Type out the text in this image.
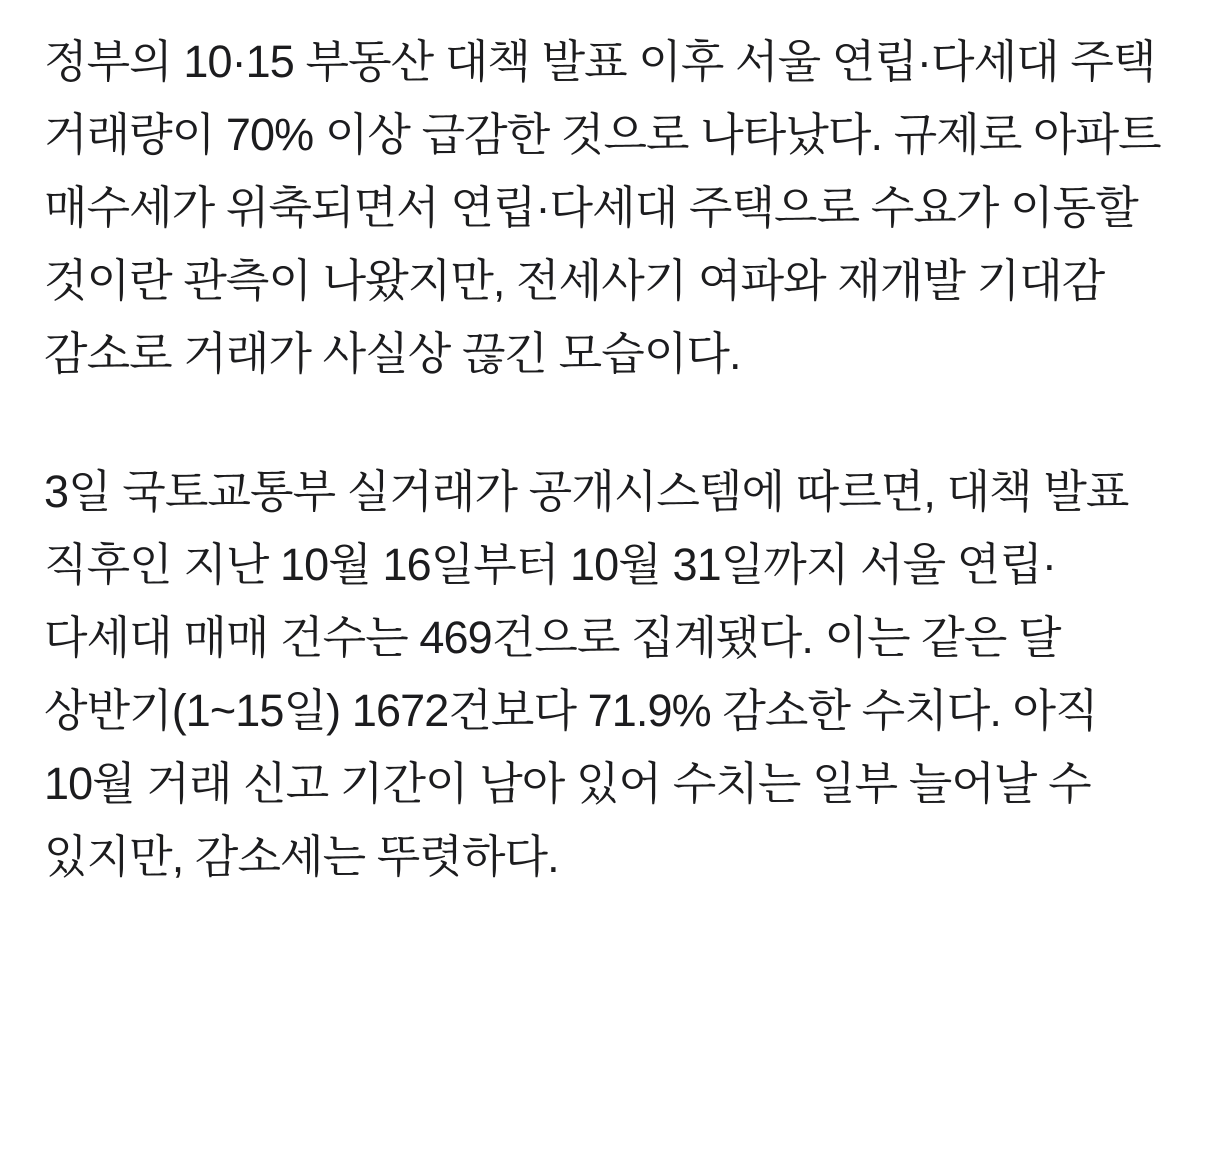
정부의 10·15 부동산 대책 발표 이후 서울 연립·다세대 주택 거래량이 70% 이상 급감한 것으로 나타났다. 규제로 아파트 매수세가 위축되면서 연립·다세대 주택으로 수요가 이동할 것이란 관측이 나왔지만, 전세사기 여파와 재개발 기대감 감소로 거래가 사실상 끊긴 모습이다.

3일 국토교통부 실거래가 공개시스템에 따르면, 대책 발표 직후인 지난 10월 16일부터 10월 31일까지 서울 연립·다세대 매매 건수는 469건으로 집계됐다. 이는 같은 달 상반기(1~15일) 1672건보다 71.9% 감소한 수치다. 아직 10월 거래 신고 기간이 남아 있어 수치는 일부 늘어날 수 있지만, 감소세는 뚜렷하다.
